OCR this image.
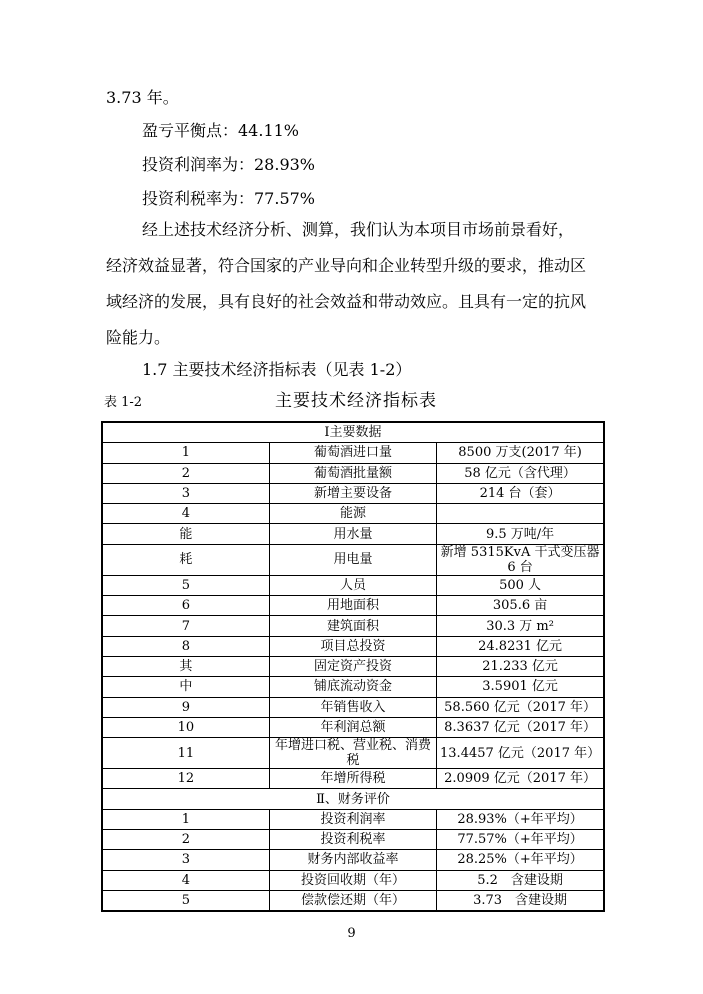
3.73 年。
盈亏平衡点：44.11%
投资利润率为：28.93%
投资利税率为：77.57%
经上述技术经济分析、测算，我们认为本项目市场前景看好，经济效益显著，符合国家的产业导向和企业转型升级的要求，推动区域经济的发展，具有良好的社会效益和带动效应。且具有一定的抗风险能力。
1.7 主要技术经济指标表（见表 1-2）
表 1-2	主要技术经济指标表
Ⅰ主要数据		
1	葡萄酒进口量	8500 万支(2017 年)
2	葡萄酒批量额	58 亿元（含代理）
3	新增主要设备	214 台（套）
4	能源	
能	用水量	9.5 万吨/年
耗	用电量	新增 5315KvA 干式变压器 6 台
5	人员	500 人
6	用地面积	305.6 亩
7	建筑面积	30.3 万 m²
8	项目总投资	24.8231 亿元
其	固定资产投资	21.233 亿元
中	铺底流动资金	3.5901 亿元
9	年销售收入	58.560 亿元（2017 年）
10	年利润总额	8.3637 亿元（2017 年）
11	年增进口税、营业税、消费税	13.4457 亿元（2017 年）
12	年增所得税	2.0909 亿元（2017 年）
Ⅱ、财务评价		
1	投资利润率	28.93%（+年平均）
2	投资利税率	77.57%（+年平均）
3	财务内部收益率	28.25%（+年平均）
4	投资回收期（年）	5.2　含建设期
5	偿款偿还期（年）	3.73　含建设期
9
